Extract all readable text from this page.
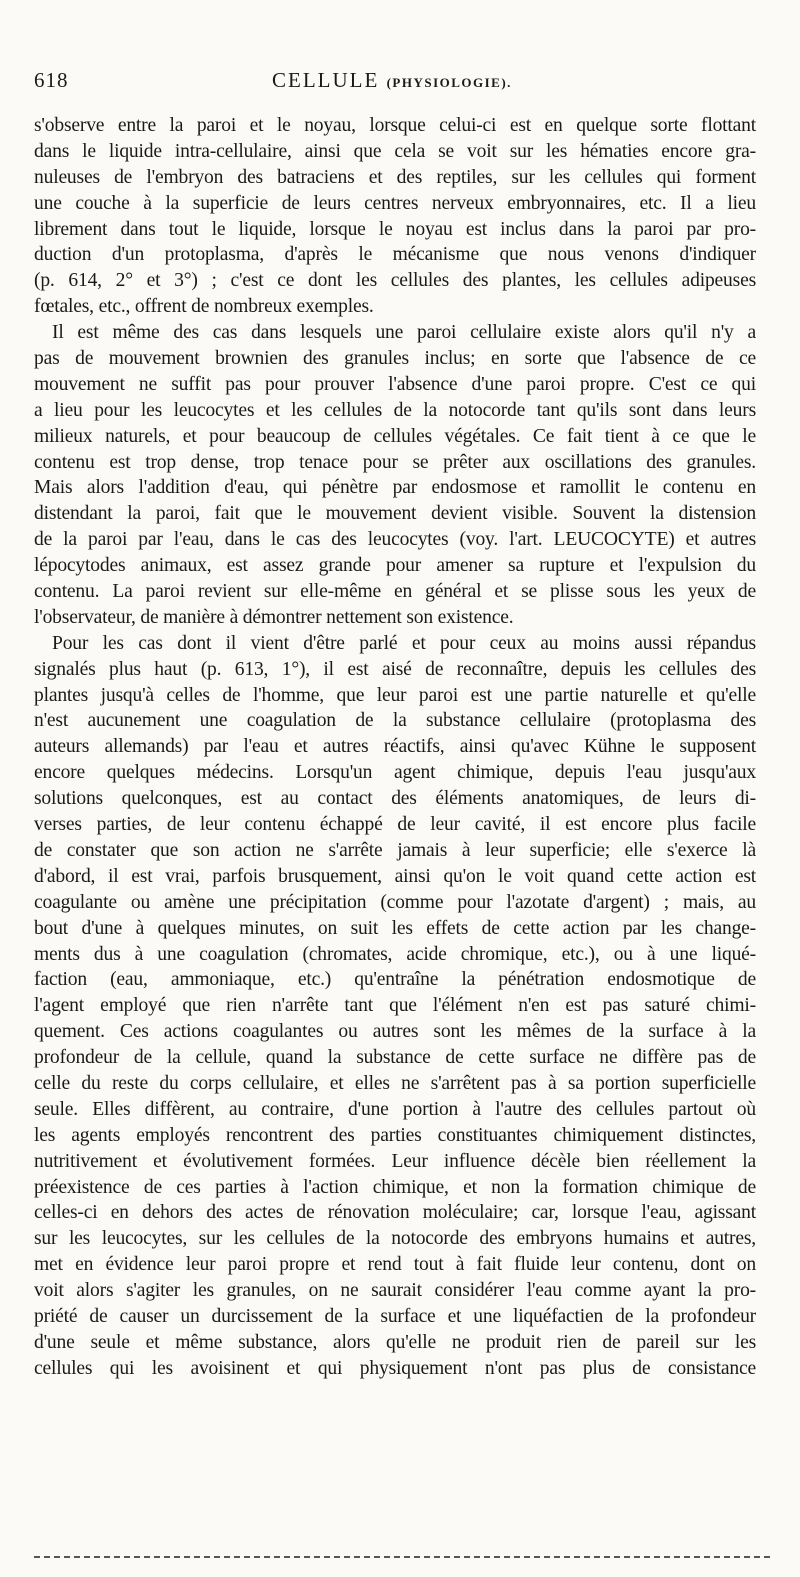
618	CELLULE (PHYSIOLOGIE).
s'observe entre la paroi et le noyau, lorsque celui-ci est en quelque sorte flottant
dans le liquide intra-cellulaire, ainsi que cela se voit sur les hématies encore gra-
nuleuses de l'embryon des batraciens et des reptiles, sur les cellules qui forment
une couche à la superficie de leurs centres nerveux embryonnaires, etc. Il a lieu
librement dans tout le liquide, lorsque le noyau est inclus dans la paroi par pro-
duction d'un protoplasma, d'après le mécanisme que nous venons d'indiquer
(p. 614, 2° et 3°) ; c'est ce dont les cellules des plantes, les cellules adipeuses
fœtales, etc., offrent de nombreux exemples.
Il est même des cas dans lesquels une paroi cellulaire existe alors qu'il n'y a
pas de mouvement brownien des granules inclus; en sorte que l'absence de ce
mouvement ne suffit pas pour prouver l'absence d'une paroi propre. C'est ce qui
a lieu pour les leucocytes et les cellules de la notocorde tant qu'ils sont dans leurs
milieux naturels, et pour beaucoup de cellules végétales. Ce fait tient à ce que le
contenu est trop dense, trop tenace pour se prêter aux oscillations des granules.
Mais alors l'addition d'eau, qui pénètre par endosmose et ramollit le contenu en
distendant la paroi, fait que le mouvement devient visible. Souvent la distension
de la paroi par l'eau, dans le cas des leucocytes (voy. l'art. LEUCOCYTE) et autres
lépocytodes animaux, est assez grande pour amener sa rupture et l'expulsion du
contenu. La paroi revient sur elle-même en général et se plisse sous les yeux de
l'observateur, de manière à démontrer nettement son existence.
Pour les cas dont il vient d'être parlé et pour ceux au moins aussi répandus
signalés plus haut (p. 613, 1°), il est aisé de reconnaître, depuis les cellules des
plantes jusqu'à celles de l'homme, que leur paroi est une partie naturelle et qu'elle
n'est aucunement une coagulation de la substance cellulaire (protoplasma des
auteurs allemands) par l'eau et autres réactifs, ainsi qu'avec Kühne le supposent
encore quelques médecins. Lorsqu'un agent chimique, depuis l'eau jusqu'aux
solutions quelconques, est au contact des éléments anatomiques, de leurs di-
verses parties, de leur contenu échappé de leur cavité, il est encore plus facile
de constater que son action ne s'arrête jamais à leur superficie; elle s'exerce là
d'abord, il est vrai, parfois brusquement, ainsi qu'on le voit quand cette action est
coagulante ou amène une précipitation (comme pour l'azotate d'argent) ; mais, au
bout d'une à quelques minutes, on suit les effets de cette action par les change-
ments dus à une coagulation (chromates, acide chromique, etc.), ou à une liqué-
faction (eau, ammoniaque, etc.) qu'entraîne la pénétration endosmotique de
l'agent employé que rien n'arrête tant que l'élément n'en est pas saturé chimi-
quement. Ces actions coagulantes ou autres sont les mêmes de la surface à la
profondeur de la cellule, quand la substance de cette surface ne diffère pas de
celle du reste du corps cellulaire, et elles ne s'arrêtent pas à sa portion superficielle
seule. Elles diffèrent, au contraire, d'une portion à l'autre des cellules partout où
les agents employés rencontrent des parties constituantes chimiquement distinctes,
nutritivement et évolutivement formées. Leur influence décèle bien réellement la
préexistence de ces parties à l'action chimique, et non la formation chimique de
celles-ci en dehors des actes de rénovation moléculaire; car, lorsque l'eau, agissant
sur les leucocytes, sur les cellules de la notocorde des embryons humains et autres,
met en évidence leur paroi propre et rend tout à fait fluide leur contenu, dont on
voit alors s'agiter les granules, on ne saurait considérer l'eau comme ayant la pro-
priété de causer un durcissement de la surface et une liquéfactien de la profondeur
d'une seule et même substance, alors qu'elle ne produit rien de pareil sur les
cellules qui les avoisinent et qui physiquement n'ont pas plus de consistance
